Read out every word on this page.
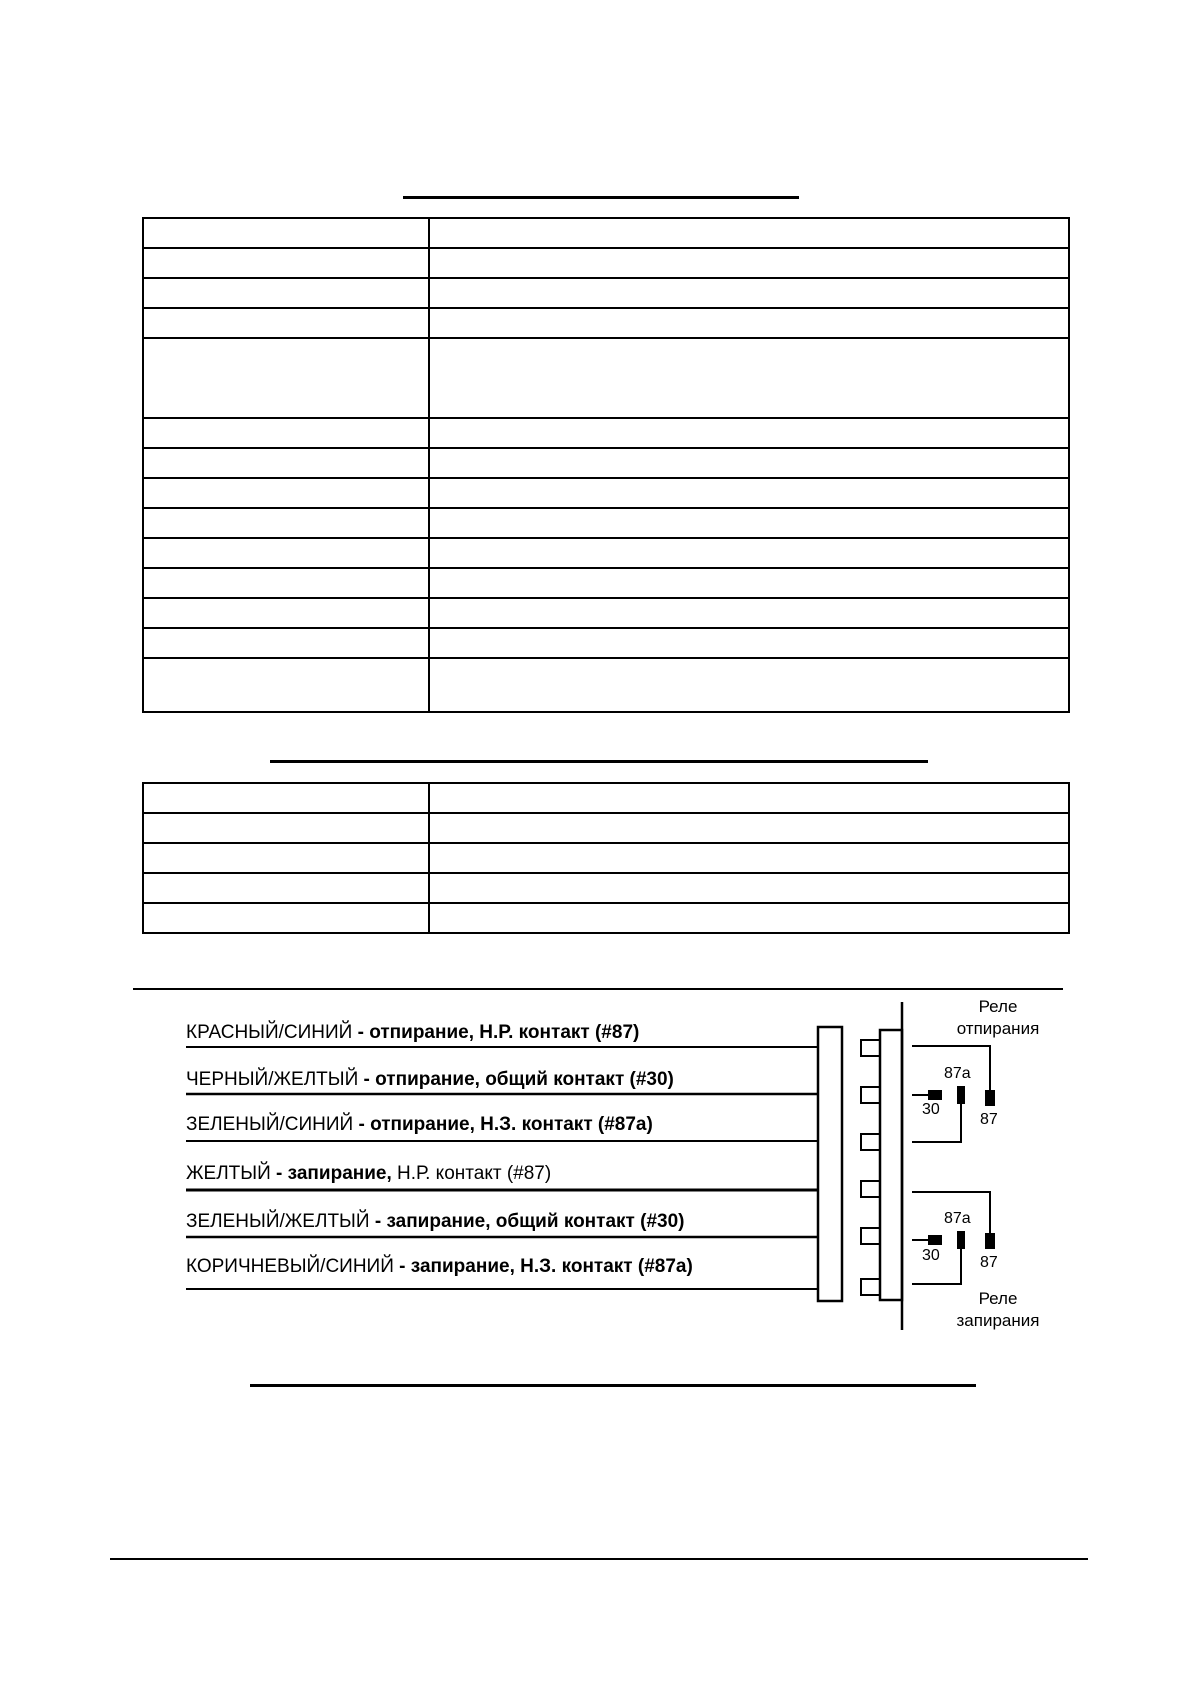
КРАСНЫЙ/СИНИЙ - отпирание, Н.Р. контакт (#87)
ЧЕРНЫЙ/ЖЕЛТЫЙ - отпирание, общий контакт (#30)
ЗЕЛЕНЫЙ/СИНИЙ - отпирание, Н.З. контакт (#87а)
ЖЕЛТЫЙ - запирание, Н.Р. контакт (#87)
ЗЕЛЕНЫЙ/ЖЕЛТЫЙ - запирание, общий контакт (#30)
КОРИЧНЕВЫЙ/СИНИЙ - запирание, Н.З. контакт (#87а)
Реле
отпирания
87а
30
87
87а
30	87
Реле
запирания
